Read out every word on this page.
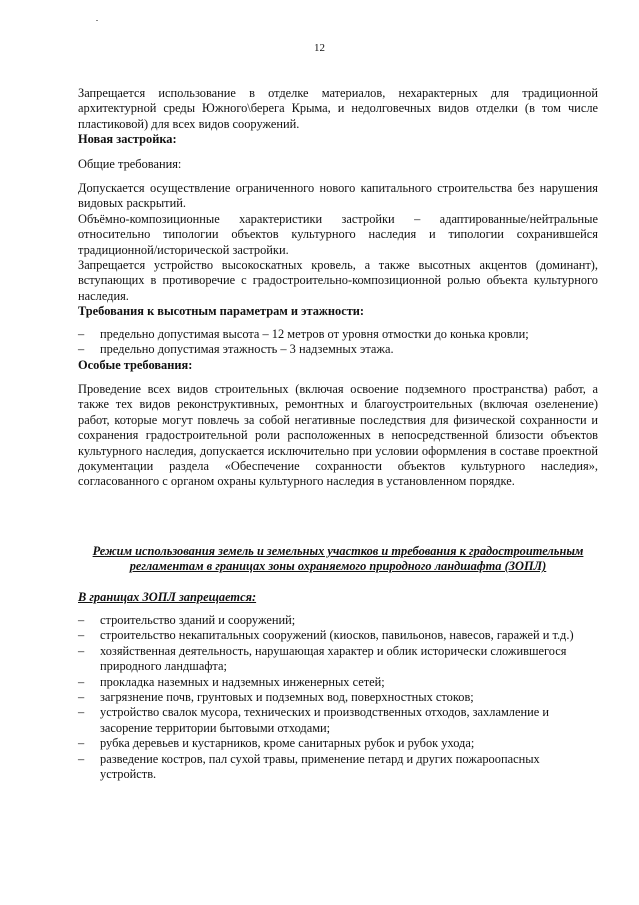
12

Запрещается использование в отделке материалов, нехарактерных для традиционной архитектурной среды Южного\берега Крыма, и недолговечных видов отделки (в том числе пластиковой) для всех видов сооружений.

Новая застройка:

Общие требования:

Допускается осуществление ограниченного нового капитального строительства без нарушения видовых раскрытий.

Объёмно-композиционные характеристики застройки – адаптированные/нейтральные относительно типологии объектов культурного наследия и типологии сохранившейся традиционной/исторической застройки.

Запрещается устройство высокоскатных кровель, а также высотных акцентов (доминант), вступающих в противоречие с градостроительно-композиционной ролью объекта культурного наследия.

Требования к высотным параметрам и этажности:
– предельно допустимая высота – 12 метров от уровня отмостки до конька кровли;
– предельно допустимая этажность – 3 надземных этажа.
Особые требования:

Проведение всех видов строительных (включая освоение подземного пространства) работ, а также тех видов реконструктивных, ремонтных и благоустроительных (включая озеленение) работ, которые могут повлечь за собой негативные последствия для физической сохранности и сохранения градостроительной роли расположенных в непосредственной близости объектов культурного наследия, допускается исключительно при условии оформления в составе проектной документации раздела «Обеспечение сохранности объектов культурного наследия», согласованного с органом охраны культурного наследия в установленном порядке.

Режим использования земель и земельных участков и требования к градостроительным регламентам в границах зоны охраняемого природного ландшафта (ЗОПЛ)
В границах ЗОПЛ запрещается:
– строительство зданий и сооружений;
– строительство некапитальных сооружений (киосков, павильонов, навесов, гаражей и т.д.)
– хозяйственная деятельность, нарушающая характер и облик исторически сложившегося природного ландшафта;
– прокладка наземных и надземных инженерных сетей;
– загрязнение почв, грунтовых и подземных вод, поверхностных стоков;
– устройство свалок мусора, технических и производственных отходов, захламление и засорение территории бытовыми отходами;
– рубка деревьев и кустарников, кроме санитарных рубок и рубок ухода;
– разведение костров, пал сухой травы, применение петард и других пожароопасных устройств.
